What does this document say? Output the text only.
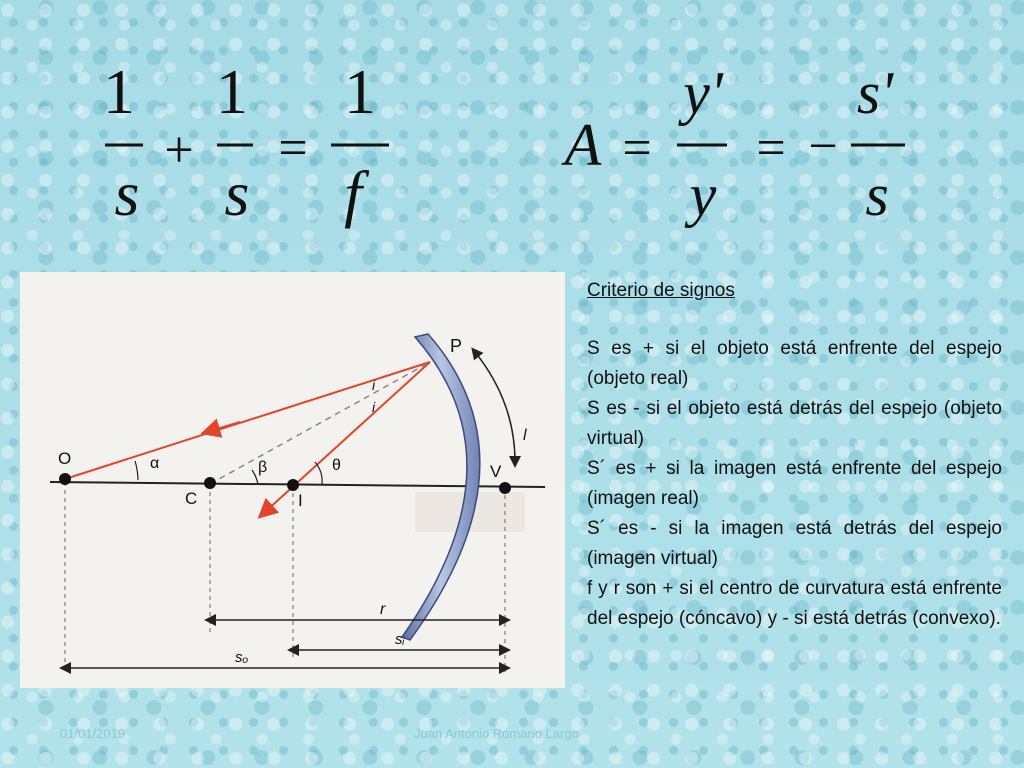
1
s
+
1
s
=
1
f
A =
y'
y
= −
s'
s
P
O
C	I
V
α	β	θ
i
i
l
r
sᵢ
sₒ
Criterio de signos
S es + si el objeto está enfrente del espejo (objeto real)
S es - si el objeto está detrás del espejo (objeto virtual)
S´ es + si la imagen está enfrente del espejo (imagen real)
S´ es - si la imagen está detrás del espejo (imagen virtual)
f y r son + si el centro de curvatura está enfrente del espejo (cóncavo) y - si está detrás (convexo).
01/01/2019	Juan Antonio Romano Largo
